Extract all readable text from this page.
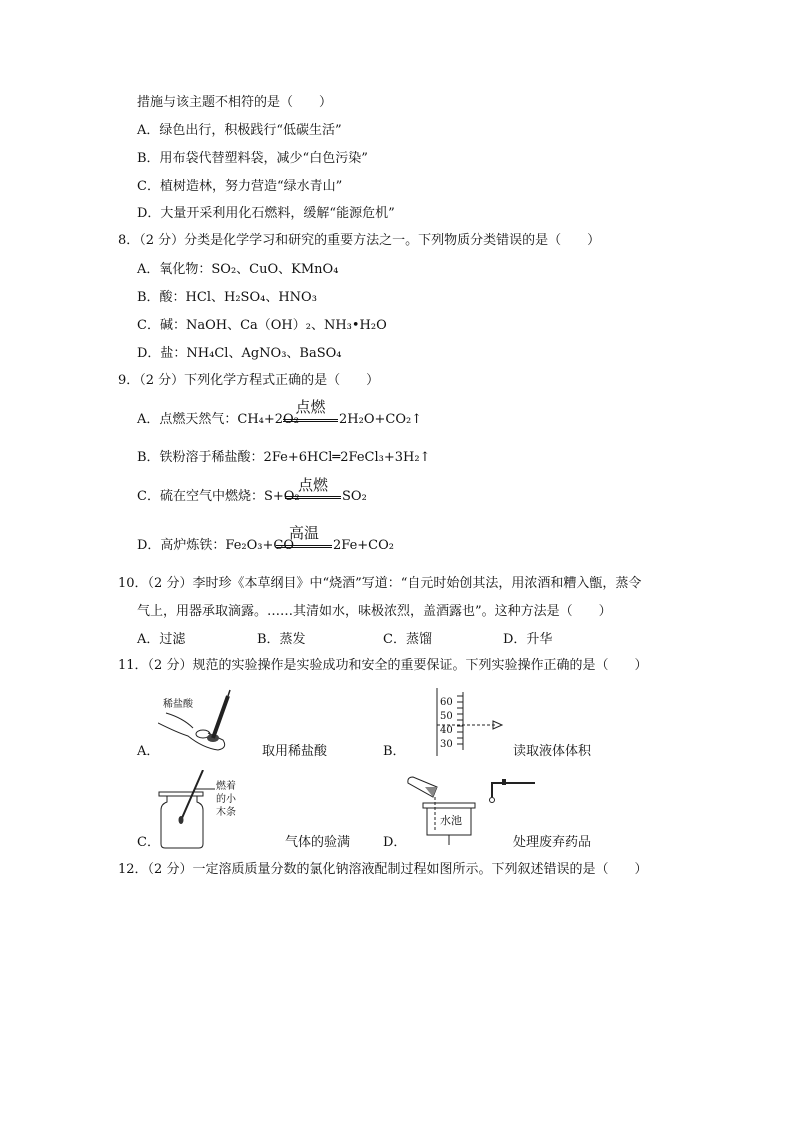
措施与该主题不相符的是（　　）
A．绿色出行，积极践行“低碳生活”
B．用布袋代替塑料袋，减少“白色污染”
C．植树造林，努力营造“绿水青山”
D．大量开采利用化石燃料，缓解“能源危机”
8．（2 分）分类是化学学习和研究的重要方法之一。下列物质分类错误的是（　　）
A．氧化物：SO₂、CuO、KMnO₄
B．酸：HCl、H₂SO₄、HNO₃
C．碱：NaOH、Ca（OH）₂、NH₃•H₂O
D．盐：NH₄Cl、AgNO₃、BaSO₄
9．（2 分）下列化学方程式正确的是（　　）
A．点燃天然气：CH₄+2O₂
点燃
2H₂O+CO₂↑
B．铁粉溶于稀盐酸：2Fe+6HCl═2FeCl₃+3H₂↑
点燃
C．硫在空气中燃烧：S+O₂	SO₂
高温
D．高炉炼铁：Fe₂O₃+CO	2Fe+CO₂
10．（2 分）李时珍《本草纲目》中“烧酒”写道：“自元时始创其法，用浓酒和糟入甑，蒸令
气上，用器承取滴露。……其清如水，味极浓烈，盖酒露也”。这种方法是（　　）
A．过滤	B．蒸发	C．蒸馏	D．升华
11．（2 分）规范的实验操作是实验成功和安全的重要保证。下列实验操作正确的是（　　）
A．
稀盐酸
取用稀盐酸	B．
60
50
40
30	读取液体体积
C．
燃着
的小
木条
气体的验满	D．
水池
处理废弃药品
12．（2 分）一定溶质质量分数的氯化钠溶液配制过程如图所示。下列叙述错误的是（　　）
